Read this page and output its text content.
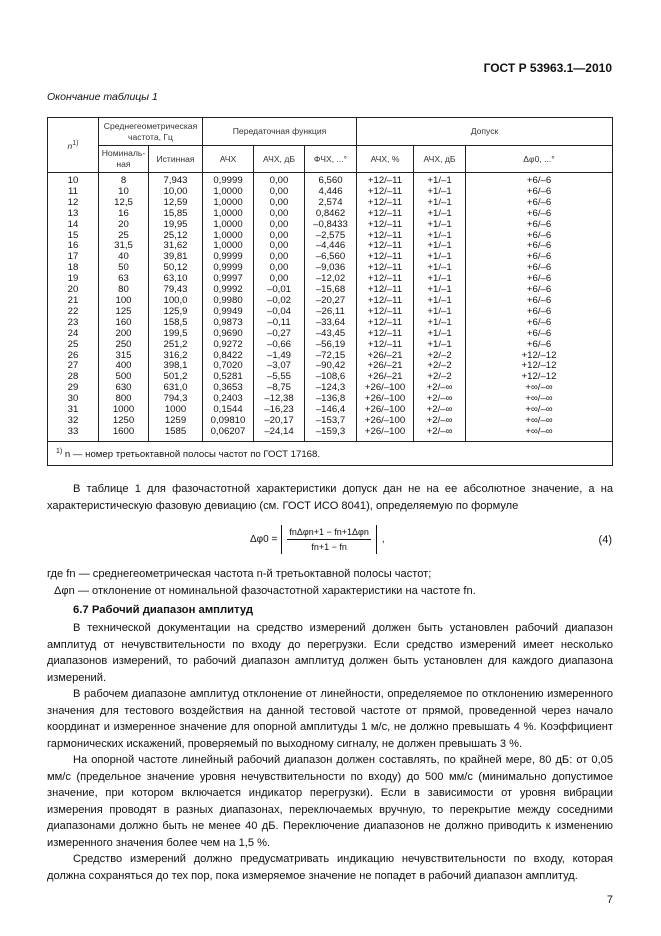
ГОСТ Р 53963.1—2010
Окончание таблицы 1
$n^{1)}$	Среднегеометрическая частота, Гц		Передаточная функция			Допуск		
	Номиналь-ная	Истинная	АЧХ	АЧХ, дБ	ФЧХ, ...°	АЧХ, %	АЧХ, дБ	Δφ0, ...°
10	8	7,943	0,9999	0,00	6,560	+12/–11	+1/–1	+6/–6
11	10	10,00	1,0000	0,00	4,446	+12/–11	+1/–1	+6/–6
12	12,5	12,59	1,0000	0,00	2,574	+12/–11	+1/–1	+6/–6
13	16	15,85	1,0000	0,00	0,8462	+12/–11	+1/–1	+6/–6
14	20	19,95	1,0000	0,00	–0,8433	+12/–11	+1/–1	+6/–6
15	25	25,12	1,0000	0,00	–2,575	+12/–11	+1/–1	+6/–6
16	31,5	31,62	1,0000	0,00	–4,446	+12/–11	+1/–1	+6/–6
17	40	39,81	0,9999	0,00	–6,560	+12/–11	+1/–1	+6/–6
18	50	50,12	0,9999	0,00	–9,036	+12/–11	+1/–1	+6/–6
19	63	63,10	0,9997	0,00	–12,02	+12/–11	+1/–1	+6/–6
20	80	79,43	0,9992	–0,01	–15,68	+12/–11	+1/–1	+6/–6
21	100	100,0	0,9980	–0,02	–20,27	+12/–11	+1/–1	+6/–6
22	125	125,9	0,9949	–0,04	–26,11	+12/–11	+1/–1	+6/–6
23	160	158,5	0,9873	–0,11	–33,64	+12/–11	+1/–1	+6/–6
24	200	199,5	0,9690	–0,27	–43,45	+12/–11	+1/–1	+6/–6
25	250	251,2	0,9272	–0,66	–56,19	+12/–11	+1/–1	+6/–6
26	315	316,2	0,8422	–1,49	–72,15	+26/–21	+2/–2	+12/–12
27	400	398,1	0,7020	–3,07	–90,42	+26/–21	+2/–2	+12/–12
28	500	501,2	0,5281	–5,55	–108,6	+26/–21	+2/–2	+12/–12
29	630	631,0	0,3653	–8,75	–124,3	+26/–100	+2/–∞	+∞/–∞
30	800	794,3	0,2403	–12,38	–136,8	+26/–100	+2/–∞	+∞/–∞
31	1000	1000	0,1544	–16,23	–146,4	+26/–100	+2/–∞	+∞/–∞
32	1250	1259	0,09810	–20,17	–153,7	+26/–100	+2/–∞	+∞/–∞
33	1600	1585	0,06207	–24,14	–159,3	+26/–100	+2/–∞	+∞/–∞
$^{1)}$ n — номер третьоктавной полосы частот по ГОСТ 17168.								

В таблице 1 для фазочастотной характеристики допуск дан не на ее абсолютное значение, а на характеристическую фазовую девиацию (см. ГОСТ ИСО 8041), определяемую по формуле

$\Delta\varphi 0 = \frac{\text{fnΔφn+1 − fn+1Δφn}}{fn+1 - fn}$ ,	(4)
где fn — среднегеометрическая частота n-й третьоктавной полосы частот;
Δφn — отклонение от номинальной фазочастотной характеристики на частоте fn.
6.7 Рабочий диапазон амплитуд

В технической документации на средство измерений должен быть установлен рабочий диапазон амплитуд от нечувствительности по входу до перегрузки. Если средство измерений имеет несколько диапазонов измерений, то рабочий диапазон амплитуд должен быть установлен для каждого диапазона измерений.

В рабочем диапазоне амплитуд отклонение от линейности, определяемое по отклонению измеренного значения для тестового воздействия на данной тестовой частоте от прямой, проведенной через начало координат и измеренное значение для опорной амплитуды 1 м/с, не должно превышать 4 %. Коэффициент гармонических искажений, проверяемый по выходному сигналу, не должен превышать 3 %.

На опорной частоте линейный рабочий диапазон должен составлять, по крайней мере, 80 дБ: от 0,05 мм/с (предельное значение уровня нечувствительности по входу) до 500 мм/с (минимально допустимое значение, при котором включается индикатор перегрузки). Если в зависимости от уровня вибрации измерения проводят в разных диапазонах, переключаемых вручную, то перекрытие между соседними диапазонами должно быть не менее 40 дБ. Переключение диапазонов не должно приводить к изменению измеренного значения более чем на 1,5 %.

Средство измерений должно предусматривать индикацию нечувствительности по входу, которая должна сохраняться до тех пор, пока измеряемое значение не попадет в рабочий диапазон амплитуд.

7
